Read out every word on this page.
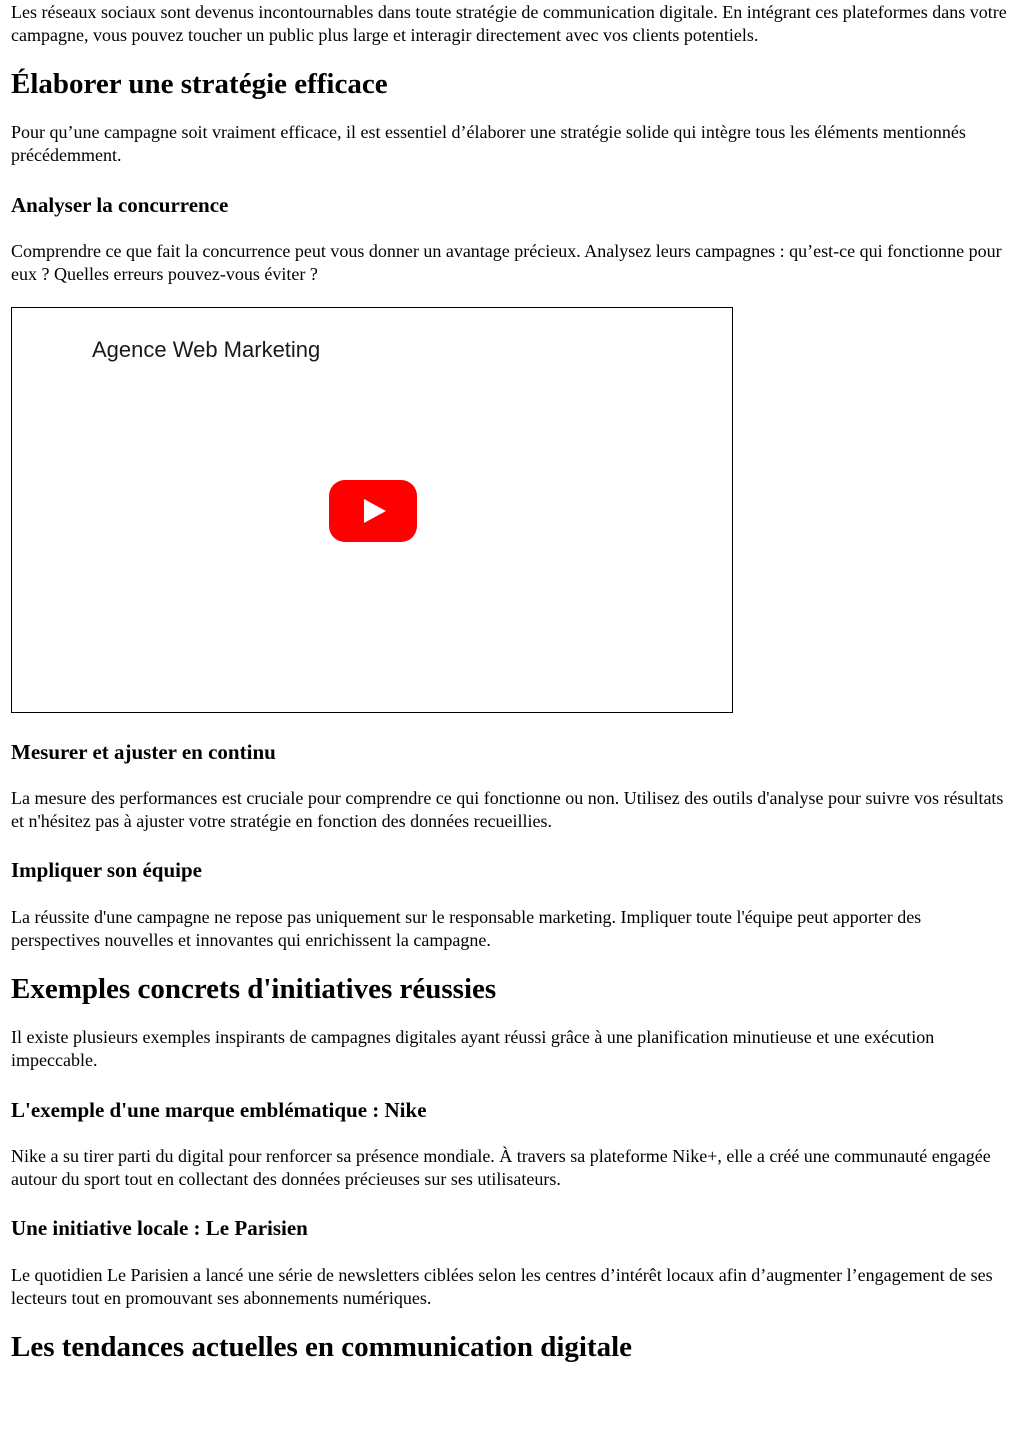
Les réseaux sociaux sont devenus incontournables dans toute stratégie de communication digitale. En intégrant ces plateformes dans votre campagne, vous pouvez toucher un public plus large et interagir directement avec vos clients potentiels.

Élaborer une stratégie efficace

Pour qu’une campagne soit vraiment efficace, il est essentiel d’élaborer une stratégie solide qui intègre tous les éléments mentionnés précédemment.

Analyser la concurrence

Comprendre ce que fait la concurrence peut vous donner un avantage précieux. Analysez leurs campagnes : qu’est-ce qui fonctionne pour eux ? Quelles erreurs pouvez-vous éviter ?

Agence Web Marketing
Mesurer et ajuster en continu

La mesure des performances est cruciale pour comprendre ce qui fonctionne ou non. Utilisez des outils d'analyse pour suivre vos résultats et n'hésitez pas à ajuster votre stratégie en fonction des données recueillies.

Impliquer son équipe

La réussite d'une campagne ne repose pas uniquement sur le responsable marketing. Impliquer toute l'équipe peut apporter des perspectives nouvelles et innovantes qui enrichissent la campagne.

Exemples concrets d'initiatives réussies

Il existe plusieurs exemples inspirants de campagnes digitales ayant réussi grâce à une planification minutieuse et une exécution impeccable.

L'exemple d'une marque emblématique : Nike

Nike a su tirer parti du digital pour renforcer sa présence mondiale. À travers sa plateforme Nike+, elle a créé une communauté engagée autour du sport tout en collectant des données précieuses sur ses utilisateurs.

Une initiative locale : Le Parisien

Le quotidien Le Parisien a lancé une série de newsletters ciblées selon les centres d’intérêt locaux afin d’augmenter l’engagement de ses lecteurs tout en promouvant ses abonnements numériques.

Les tendances actuelles en communication digitale
